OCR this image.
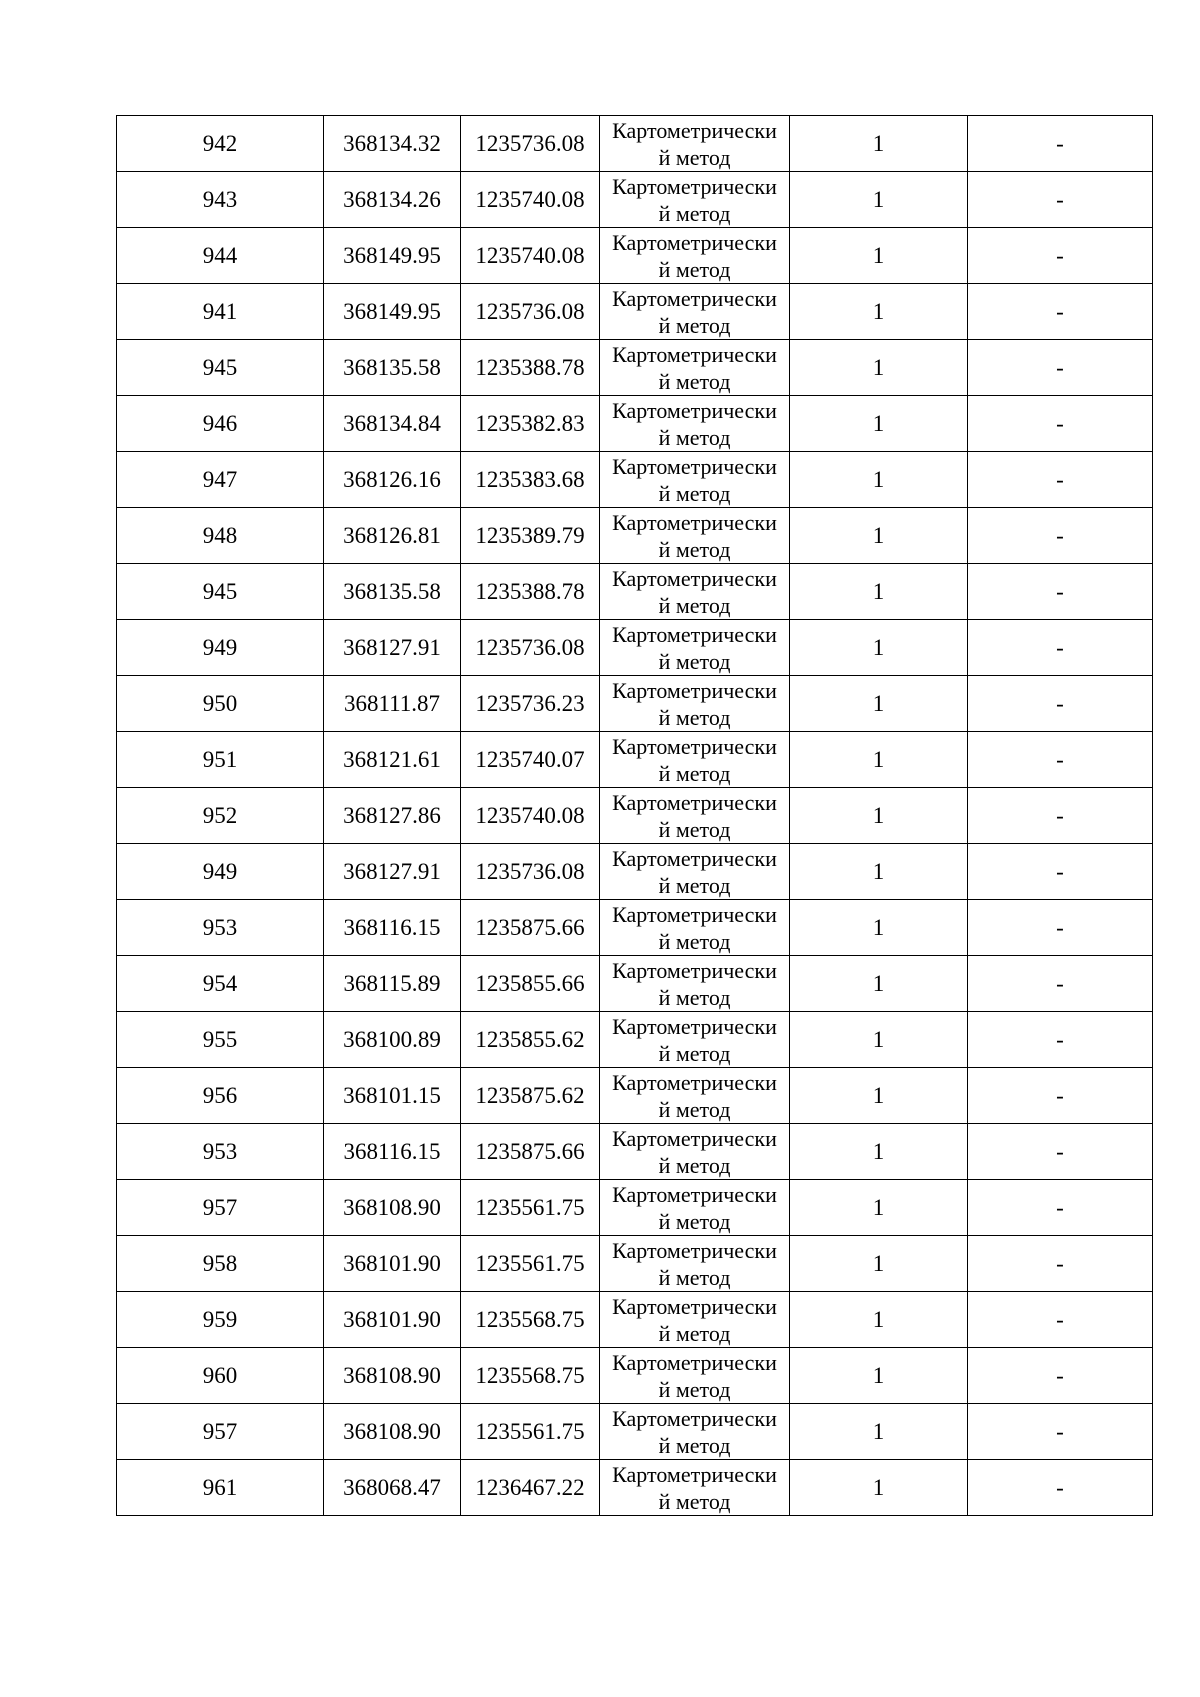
942	368134.32	1235736.08	Картометрически
й метод	1	-
943	368134.26	1235740.08	Картометрически
й метод	1	-
944	368149.95	1235740.08	Картометрически
й метод	1	-
941	368149.95	1235736.08	Картометрически
й метод	1	-
945	368135.58	1235388.78	Картометрически
й метод	1	-
946	368134.84	1235382.83	Картометрически
й метод	1	-
947	368126.16	1235383.68	Картометрически
й метод	1	-
948	368126.81	1235389.79	Картометрически
й метод	1	-
945	368135.58	1235388.78	Картометрически
й метод	1	-
949	368127.91	1235736.08	Картометрически
й метод	1	-
950	368111.87	1235736.23	Картометрически
й метод	1	-
951	368121.61	1235740.07	Картометрически
й метод	1	-
952	368127.86	1235740.08	Картометрически
й метод	1	-
949	368127.91	1235736.08	Картометрически
й метод	1	-
953	368116.15	1235875.66	Картометрически
й метод	1	-
954	368115.89	1235855.66	Картометрически
й метод	1	-
955	368100.89	1235855.62	Картометрически
й метод	1	-
956	368101.15	1235875.62	Картометрически
й метод	1	-
953	368116.15	1235875.66	Картометрически
й метод	1	-
957	368108.90	1235561.75	Картометрически
й метод	1	-
958	368101.90	1235561.75	Картометрически
й метод	1	-
959	368101.90	1235568.75	Картометрически
й метод	1	-
960	368108.90	1235568.75	Картометрически
й метод	1	-
957	368108.90	1235561.75	Картометрически
й метод	1	-
961	368068.47	1236467.22	Картометрически
й метод	1	-
